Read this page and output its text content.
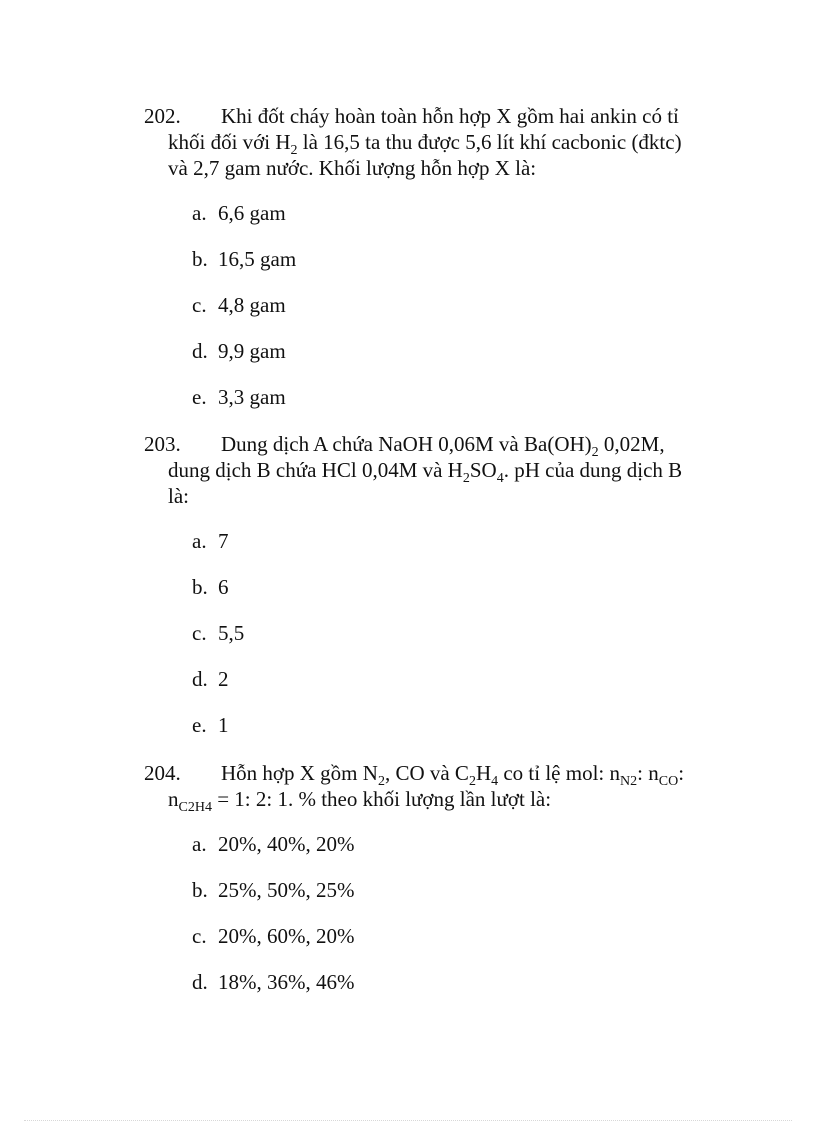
202.	Khi đốt cháy hoàn toàn hỗn hợp X gồm hai ankin có tỉ khối đối với $H_2$ là 16,5 ta thu được 5,6 lít khí cacbonic (đktc) và 2,7 gam nước. Khối lượng hỗn hợp X là:
a. 6,6 gam
b. 16,5 gam
c. 4,8 gam
d. 9,9 gam
e. 3,3 gam
203.	Dung dịch A chứa NaOH 0,06M và $Ba(OH)_2$ 0,02M, dung dịch B chứa HCl 0,04M và $H_2SO_4$. pH của dung dịch B là:
a. 7
b. 6
c. 5,5
d. 2
e. 1
204.	Hỗn hợp X gồm $N_2$, CO và $C_2H_4$ co tỉ lệ mol: $n_{N2}$: $n_{CO}$: $n_{C2H4} = 1$: 2: 1. % theo khối lượng lần lượt là:
a. 20%, 40%, 20%
b. 25%, 50%, 25%
c. 20%, 60%, 20%
d. 18%, 36%, 46%
